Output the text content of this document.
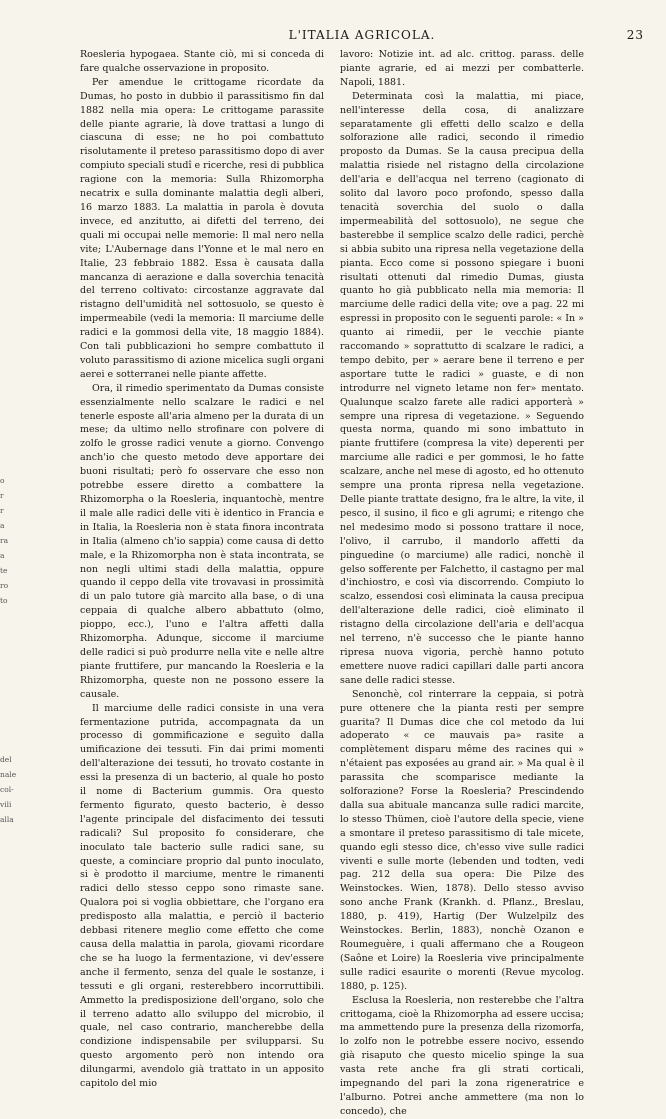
o
r
r
a
ra
a
te
ro
to
del
nale
col-
vili
alla
L'ITALIA AGRICOLA.	23

Roesleria hypogaea. Stante ciò, mi si conceda di fare qualche osservazione in proposito.

Per amendue le crittogame ricordate da Dumas, ho posto in dubbio il parassitismo fin dal 1882 nella mia opera: Le crittogame parassite delle piante agrarie, là dove trattasi a lungo di ciascuna di esse; ne ho poi combattuto risolutamente il preteso parassitismo dopo di aver compiuto speciali studî e ricerche, resi di pubblica ragione con la memoria: Sulla Rhizomorpha necatrix e sulla dominante malattia degli alberi, 16 marzo 1883. La malattia in parola è dovuta invece, ed anzitutto, ai difetti del terreno, dei quali mi occupai nelle memorie: Il mal nero nella vite; L'Aubernage dans l'Yonne et le mal nero en Italie, 23 febbraio 1882. Essa è causata dalla mancanza di aerazione e dalla soverchia tenacità del terreno coltivato: circostanze aggravate dal ristagno dell'umidità nel sottosuolo, se questo è impermeabile (vedi la memoria: Il marciume delle radici e la gommosi della vite, 18 maggio 1884). Con tali pubblicazioni ho sempre combattuto il voluto parassitismo di azione micelica sugli organi aerei e sotterranei nelle piante affette.

Ora, il rimedio sperimentato da Dumas consiste essenzialmente nello scalzare le radici e nel tenerle esposte all'aria almeno per la durata di un mese; da ultimo nello strofinare con polvere di zolfo le grosse radici venute a giorno. Convengo anch'io che questo metodo deve apportare dei buoni risultati; però fo osservare che esso non potrebbe essere diretto a combattere la Rhizomorpha o la Roesleria, inquantochè, mentre il male alle radici delle viti è identico in Francia e in Italia, la Roesleria non è stata finora incontrata in Italia (almeno ch'io sappia) come causa di detto male, e la Rhizomorpha non è stata incontrata, se non negli ultimi stadi della malattia, oppure quando il ceppo della vite trovavasi in prossimità di un palo tutore già marcito alla base, o di una ceppaia di qualche albero abbattuto (olmo, pioppo, ecc.), l'uno e l'altra affetti dalla Rhizomorpha. Adunque, siccome il marciume delle radici si può produrre nella vite e nelle altre piante fruttifere, pur mancando la Roesleria e la Rhizomorpha, queste non ne possono essere la causale.

Il marciume delle radici consiste in una vera fermentazione putrida, accompagnata da un processo di gommificazione e seguìto dalla umificazione dei tessuti. Fin dai primi momenti dell'alterazione dei tessuti, ho trovato costante in essi la presenza di un bacterio, al quale ho posto il nome di Bacterium gummis. Ora questo fermento figurato, questo bacterio, è desso l'agente principale del disfacimento dei tessuti radicali? Sul proposito fo considerare, che inoculato tale bacterio sulle radici sane, su queste, a cominciare proprio dal punto inoculato, si è prodotto il marciume, mentre le rimanenti radici dello stesso ceppo sono rimaste sane. Qualora poi si voglia obbiettare, che l'organo era predisposto alla malattia, e perciò il bacterio debbasi ritenere meglio come effetto che come causa della malattia in parola, giovami ricordare che se ha luogo la fermentazione, vi dev'essere anche il fermento, senza del quale le sostanze, i tessuti e gli organi, resterebbero incorruttibili. Ammetto la predisposizione dell'organo, solo che il terreno adatto allo sviluppo del microbio, il quale, nel caso contrario, mancherebbe della condizione indispensabile per svilupparsi. Su questo argomento però non intendo ora dilungarmi, avendolo già trattato in un apposito capitolo del mio

lavoro: Notizie int. ad alc. crittog. parass. delle piante agrarie, ed ai mezzi per combatterle. Napoli, 1881.

Determinata così la malattia, mi piace, nell'interesse della cosa, di analizzare separatamente gli effetti dello scalzo e della solforazione alle radici, secondo il rimedio proposto da Dumas. Se la causa precipua della malattia risiede nel ristagno della circolazione dell'aria e dell'acqua nel terreno (cagionato di solito dal lavoro poco profondo, spesso dalla tenacità soverchia del suolo o dalla impermeabilità del sottosuolo), ne segue che basterebbe il semplice scalzo delle radici, perchè si abbia subito una ripresa nella vegetazione della pianta. Ecco come si possono spiegare i buoni risultati ottenuti dal rimedio Dumas, giusta quanto ho già pubblicato nella mia memoria: Il marciume delle radici della vite; ove a pag. 22 mi espressi in proposito con le seguenti parole: « In » quanto ai rimedii, per le vecchie piante raccomando » soprattutto di scalzare le radici, a tempo debito, per » aerare bene il terreno e per asportare tutte le radici » guaste, e di non introdurre nel vigneto letame non fer» mentato. Qualunque scalzo farete alle radici apporterà » sempre una ripresa di vegetazione. » Seguendo questa norma, quando mi sono imbattuto in piante fruttifere (compresa la vite) deperenti per marciume alle radici e per gommosi, le ho fatte scalzare, anche nel mese di agosto, ed ho ottenuto sempre una pronta ripresa nella vegetazione. Delle piante trattate designo, fra le altre, la vite, il pesco, il susino, il fico e gli agrumi; e ritengo che nel medesimo modo si possono trattare il noce, l'olivo, il carrubo, il mandorlo affetti da pinguedine (o marciume) alle radici, nonchè il gelso sofferente per Falchetto, il castagno per mal d'inchiostro, e così via discorrendo. Compiuto lo scalzo, essendosi così eliminata la causa precipua dell'alterazione delle radici, cioè eliminato il ristagno della circolazione dell'aria e dell'acqua nel terreno, n'è successo che le piante hanno ripresa nuova vigoria, perchè hanno potuto emettere nuove radici capillari dalle parti ancora sane delle radici stesse.

Senonchè, col rinterrare la ceppaia, si potrà pure ottenere che la pianta resti per sempre guarita? Il Dumas dice che col metodo da lui adoperato « ce mauvais pa» rasite a complètement disparu même des racines qui » n'étaient pas exposées au grand air. » Ma qual è il parassita che scomparisce mediante la solforazione? Forse la Roesleria? Prescindendo dalla sua abituale mancanza sulle radici marcite, lo stesso Thümen, cioè l'autore della specie, viene a smontare il preteso parassitismo di tale micete, quando egli stesso dice, ch'esso vive sulle radici viventi e sulle morte (lebenden und todten, vedi pag. 212 della sua opera: Die Pilze des Weinstockes. Wien, 1878). Dello stesso avviso sono anche Frank (Krankh. d. Pflanz., Breslau, 1880, p. 419), Hartig (Der Wulzelpilz des Weinstockes. Berlin, 1883), nonchè Ozanon e Roumeguère, i quali affermano che a Rougeon (Saône et Loire) la Roesleria vive principalmente sulle radici esaurite o morenti (Revue mycolog. 1880, p. 125).

Esclusa la Roesleria, non resterebbe che l'altra crittogama, cioè la Rhizomorpha ad essere uccisa; ma ammettendo pure la presenza della rizomorfa, lo zolfo non le potrebbe essere nocivo, essendo già risaputo che questo micelio spinge la sua vasta rete anche fra gli strati corticali, impegnando del pari la zona rigeneratrice e l'alburno. Potrei anche ammettere (ma non lo concedo), che
